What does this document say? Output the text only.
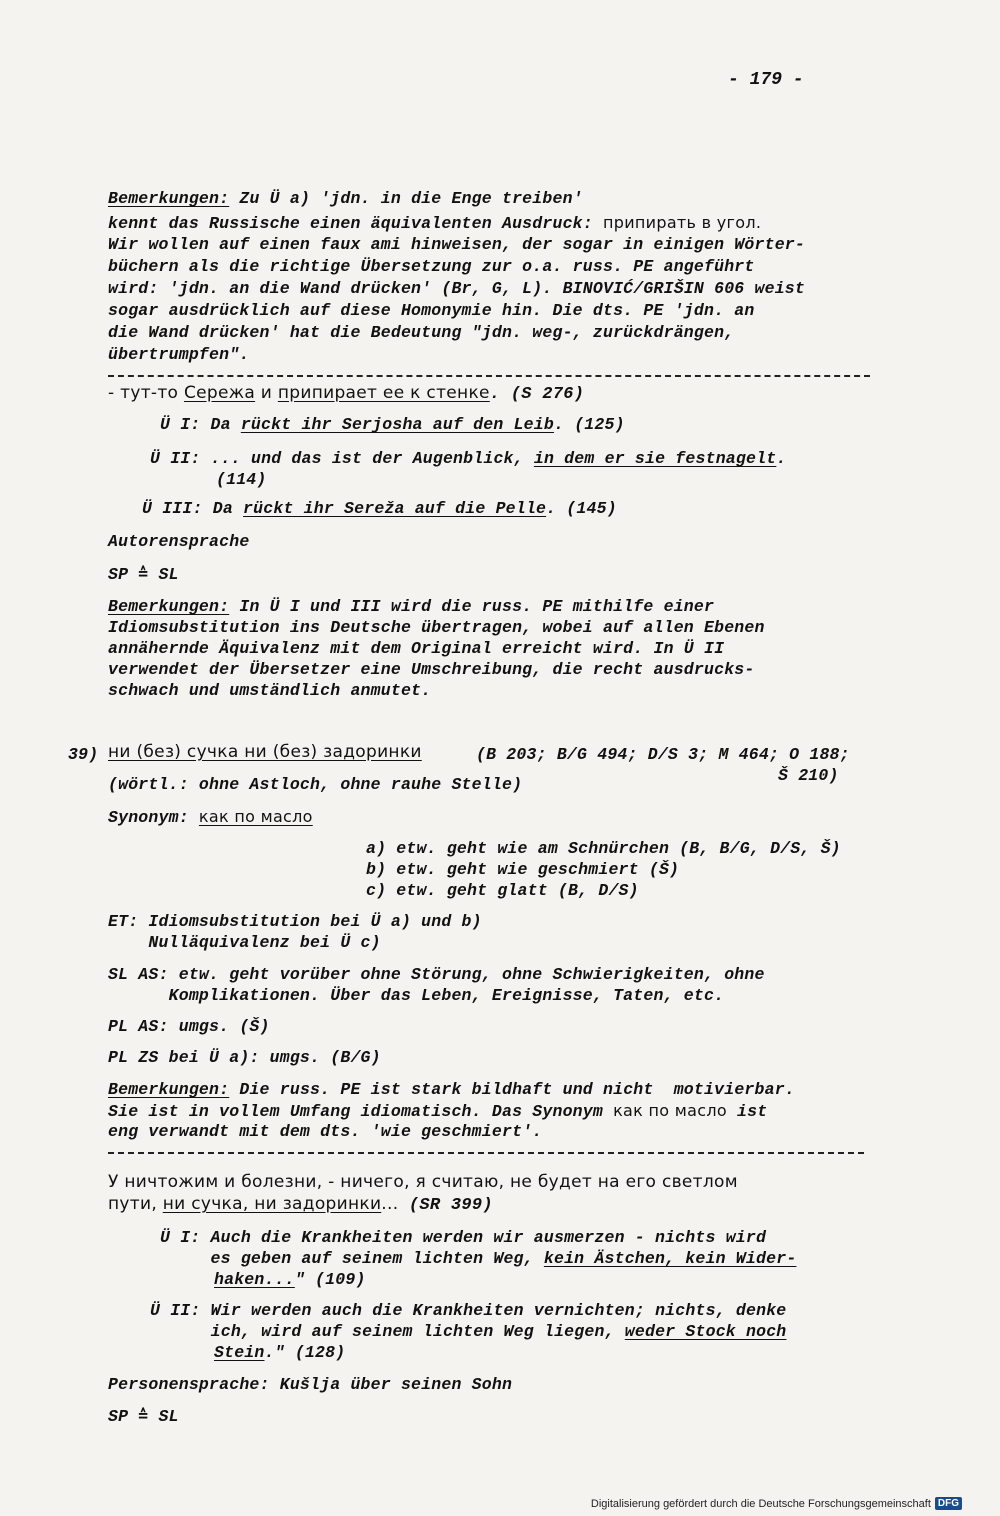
- 179 -
Bemerkungen: Zu Ü a) 'jdn. in die Enge treiben'
kennt das Russische einen äquivalenten Ausdruck: припирать в угол.
Wir wollen auf einen faux ami hinweisen, der sogar in einigen Wörter-
büchern als die richtige Übersetzung zur o.a. russ. PE angeführt
wird: 'jdn. an die Wand drücken' (Br, G, L). BINOVIĆ/GRIŠIN 606 weist
sogar ausdrücklich auf diese Homonymie hin. Die dts. PE 'jdn. an
die Wand drücken' hat die Bedeutung "jdn. weg-, zurückdrängen,
übertrumpfen".
- тут-то Сережа и припирает ее к стенке. (S 276)
Ü I: Da rückt ihr Serjosha auf den Leib. (125)
Ü II: ... und das ist der Augenblick, in dem er sie festnagelt.
(114)
Ü III: Da rückt ihr Sereža auf die Pelle. (145)
Autorensprache
SP ≙ SL
Bemerkungen: In Ü I und III wird die russ. PE mithilfe einer
Idiomsubstitution ins Deutsche übertragen, wobei auf allen Ebenen
annähernde Äquivalenz mit dem Original erreicht wird. In Ü II
verwendet der Übersetzer eine Umschreibung, die recht ausdrucks-
schwach und umständlich anmutet.
39) ни (без) сучка ни (без) задоринки	(B 203; B/G 494; D/S 3; M 464; O 188;
Š 210)
(wörtl.: ohne Astloch, ohne rauhe Stelle)
Synonym: как по масло
a) etw. geht wie am Schnürchen (B, B/G, D/S, Š)
b) etw. geht wie geschmiert (Š)
c) etw. geht glatt (B, D/S)
ET: Idiomsubstitution bei Ü a) und b)
Nulläquivalenz bei Ü c)
SL AS: etw. geht vorüber ohne Störung, ohne Schwierigkeiten, ohne
Komplikationen. Über das Leben, Ereignisse, Taten, etc.
PL AS: umgs. (Š)
PL ZS bei Ü a): umgs. (B/G)
Bemerkungen: Die russ. PE ist stark bildhaft und nicht  motivierbar.
Sie ist in vollem Umfang idiomatisch. Das Synonym как по масло ist
eng verwandt mit dem dts. 'wie geschmiert'.
У ничтожим и болезни, - ничего, я считаю, не будет на его светлом
пути, ни сучка, ни задоринки... (SR 399)
Ü I: Auch die Krankheiten werden wir ausmerzen - nichts wird
es geben auf seinem lichten Weg, kein Ästchen, kein Wider-
haken..." (109)
Ü II: Wir werden auch die Krankheiten vernichten; nichts, denke
ich, wird auf seinem lichten Weg liegen, weder Stock noch
Stein." (128)
Personensprache: Kušlja über seinen Sohn
SP ≙ SL
Digitalisierung gefördert durch die Deutsche Forschungsgemeinschaft DFG
